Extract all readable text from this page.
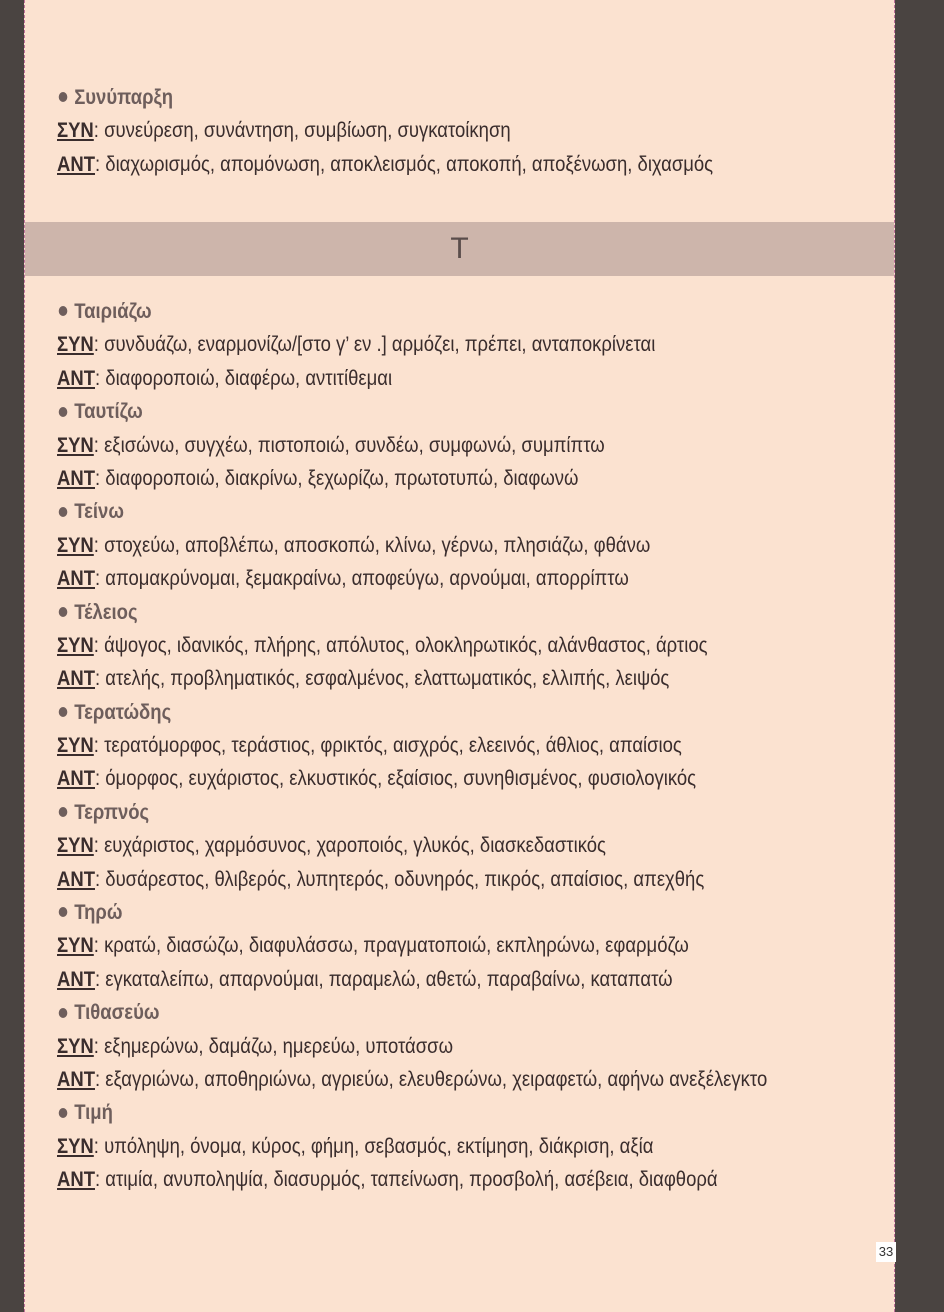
Συνύπαρξη
ΣΥΝ: συνεύρεση, συνάντηση, συμβίωση, συγκατοίκηση
ΑΝΤ: διαχωρισμός, απομόνωση, αποκλεισμός, αποκοπή, αποξένωση, διχασμός
Τ
Ταιριάζω
ΣΥΝ: συνδυάζω, εναρμονίζω/[στο γ’ εν .] αρμόζει, πρέπει, ανταποκρίνεται
ΑΝΤ: διαφοροποιώ, διαφέρω, αντιτίθεμαι
Ταυτίζω
ΣΥΝ: εξισώνω, συγχέω, πιστοποιώ, συνδέω, συμφωνώ, συμπίπτω
ΑΝΤ: διαφοροποιώ, διακρίνω, ξεχωρίζω, πρωτοτυπώ, διαφωνώ
Τείνω
ΣΥΝ: στοχεύω, αποβλέπω, αποσκοπώ, κλίνω, γέρνω, πλησιάζω, φθάνω
ΑΝΤ: απομακρύνομαι, ξεμακραίνω, αποφεύγω, αρνούμαι, απορρίπτω
Τέλειος
ΣΥΝ: άψογος, ιδανικός, πλήρης, απόλυτος, ολοκληρωτικός, αλάνθαστος, άρτιος
ΑΝΤ: ατελής, προβληματικός, εσφαλμένος, ελαττωματικός, ελλιπής, λειψός
Τερατώδης
ΣΥΝ: τερατόμορφος, τεράστιος, φρικτός, αισχρός, ελεεινός, άθλιος, απαίσιος
ΑΝΤ: όμορφος, ευχάριστος, ελκυστικός, εξαίσιος, συνηθισμένος, φυσιολογικός
Τερπνός
ΣΥΝ: ευχάριστος, χαρμόσυνος, χαροποιός, γλυκός, διασκεδαστικός
ΑΝΤ: δυσάρεστος, θλιβερός, λυπητερός, οδυνηρός, πικρός, απαίσιος, απεχθής
Τηρώ
ΣΥΝ: κρατώ, διασώζω, διαφυλάσσω, πραγματοποιώ, εκπληρώνω, εφαρμόζω
ΑΝΤ: εγκαταλείπω, απαρνούμαι, παραμελώ, αθετώ, παραβαίνω, καταπατώ
Τιθασεύω
ΣΥΝ: εξημερώνω, δαμάζω, ημερεύω, υποτάσσω
ΑΝΤ: εξαγριώνω, αποθηριώνω, αγριεύω, ελευθερώνω, χειραφετώ, αφήνω ανεξέλεγκτο
Τιμή
ΣΥΝ: υπόληψη, όνομα, κύρος, φήμη, σεβασμός, εκτίμηση, διάκριση, αξία
ΑΝΤ: ατιμία, ανυποληψία, διασυρμός, ταπείνωση, προσβολή, ασέβεια, διαφθορά
33
